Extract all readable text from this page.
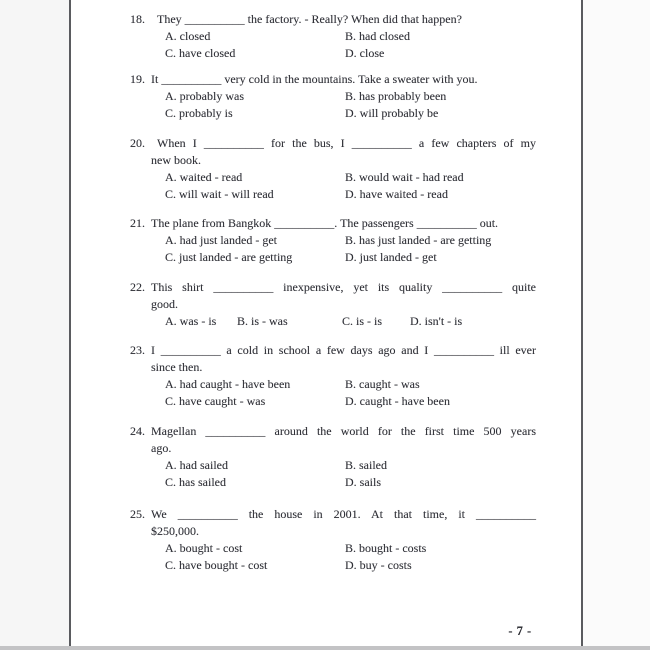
18. They __________ the factory. - Really? When did that happen?
A. closed	B. had closed
C. have closed	D. close
19. It __________ very cold in the mountains. Take a sweater with you.
A. probably was	B. has probably been
C. probably is	D. will probably be
20. When I __________ for the bus, I __________ a few chapters of my
new book.
A. waited - read	B. would wait - had read
C. will wait - will read	D. have waited - read
21. The plane from Bangkok __________. The passengers __________ out.
A. had just landed - get	B. has just landed - are getting
C. just landed - are getting	D. just landed - get
22. This shirt __________ inexpensive, yet its quality __________ quite
good.
A. was - is	B. is - was	C. is - is	D. isn't - is
23. I __________ a cold in school a few days ago and I __________ ill ever
since then.
A. had caught - have been	B. caught - was
C. have caught - was	D. caught - have been
24. Magellan __________ around the world for the first time 500 years
ago.
A. had sailed	B. sailed
C. has sailed	D. sails
25. We __________ the house in 2001. At that time, it __________
$250,000.
A. bought - cost	B. bought - costs
C. have bought - cost	D. buy - costs
- 7 -
